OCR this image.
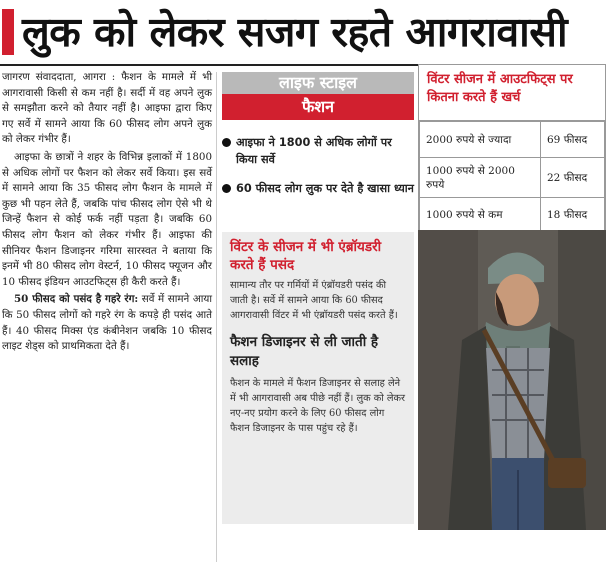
लुक को लेकर सजग रहते आगरावासी

जागरण संवाददाता, आगरा : फैशन के मामले में भी आगरावासी किसी से कम नहीं है। सर्दी में वह अपने लुक से समझौता करने को तैयार नहीं है। आइफा द्वारा किए गए सर्वे में सामने आया कि 60 फीसद लोग अपने लुक को लेकर गंभीर हैं।

आइफा के छात्रों ने शहर के विभिन्न इलाकों में 1800 से अधिक लोगों पर फैशन को लेकर सर्वे किया। इस सर्वे में सामने आया कि 35 फीसद लोग फैशन के मामले में कुछ भी पहन लेते हैं, जबकि पांच फीसद लोग ऐसे भी थे जिन्हें फैशन से कोई फर्क नहीं पड़ता है। जबकि 60 फीसद लोग फैशन को लेकर गंभीर हैं। आइफा की सीनियर फैशन डिजाइनर गरिमा सारस्वत ने बताया कि इनमें भी 80 फीसद लोग वेस्टर्न, 10 फीसद फ्यूजन और 10 फीसद इंडियन आउटफिट्स ही कैरी करते हैं।

50 फीसद को पसंद है गहरे रंग: सर्वे में सामने आया कि 50 फीसद लोगों को गहरे रंग के कपड़े ही पसंद आते हैं। 40 फीसद मिक्स एंड कंबीनेशन जबकि 10 फीसद लाइट शेड्स को प्राथमिकता देते हैं।

लाइफ स्टाइल
फैशन
आइफा ने 1800 से अधिक लोगों पर किया सर्वे
60 फीसद लोग लुक पर देते है खासा ध्यान
विंटर के सीजन में भी एंब्रॉयडरी करते हैं पसंद

सामान्य तौर पर गर्मियों में एंब्रॉयडरी पसंद की जाती है। सर्वे में सामने आया कि 60 फीसद आगरावासी विंटर में भी एंब्रॉयडरी पसंद करते हैं।

फैशन डिजाइनर से ली जाती है सलाह

फैशन के मामले में फैशन डिजाइनर से सलाह लेने में भी आगरावासी अब पीछे नहीं हैं। लुक को लेकर नए-नए प्रयोग करने के लिए 60 फीसद लोग फैशन डिजाइनर के पास पहुंच रहे हैं।

विंटर सीजन में आउटफिट्स पर कितना करते हैं खर्च
2000 रुपये से ज्यादा	69 फीसद
1000 रुपये से 2000 रुपये	22 फीसद
1000 रुपये से कम	18 फीसद
